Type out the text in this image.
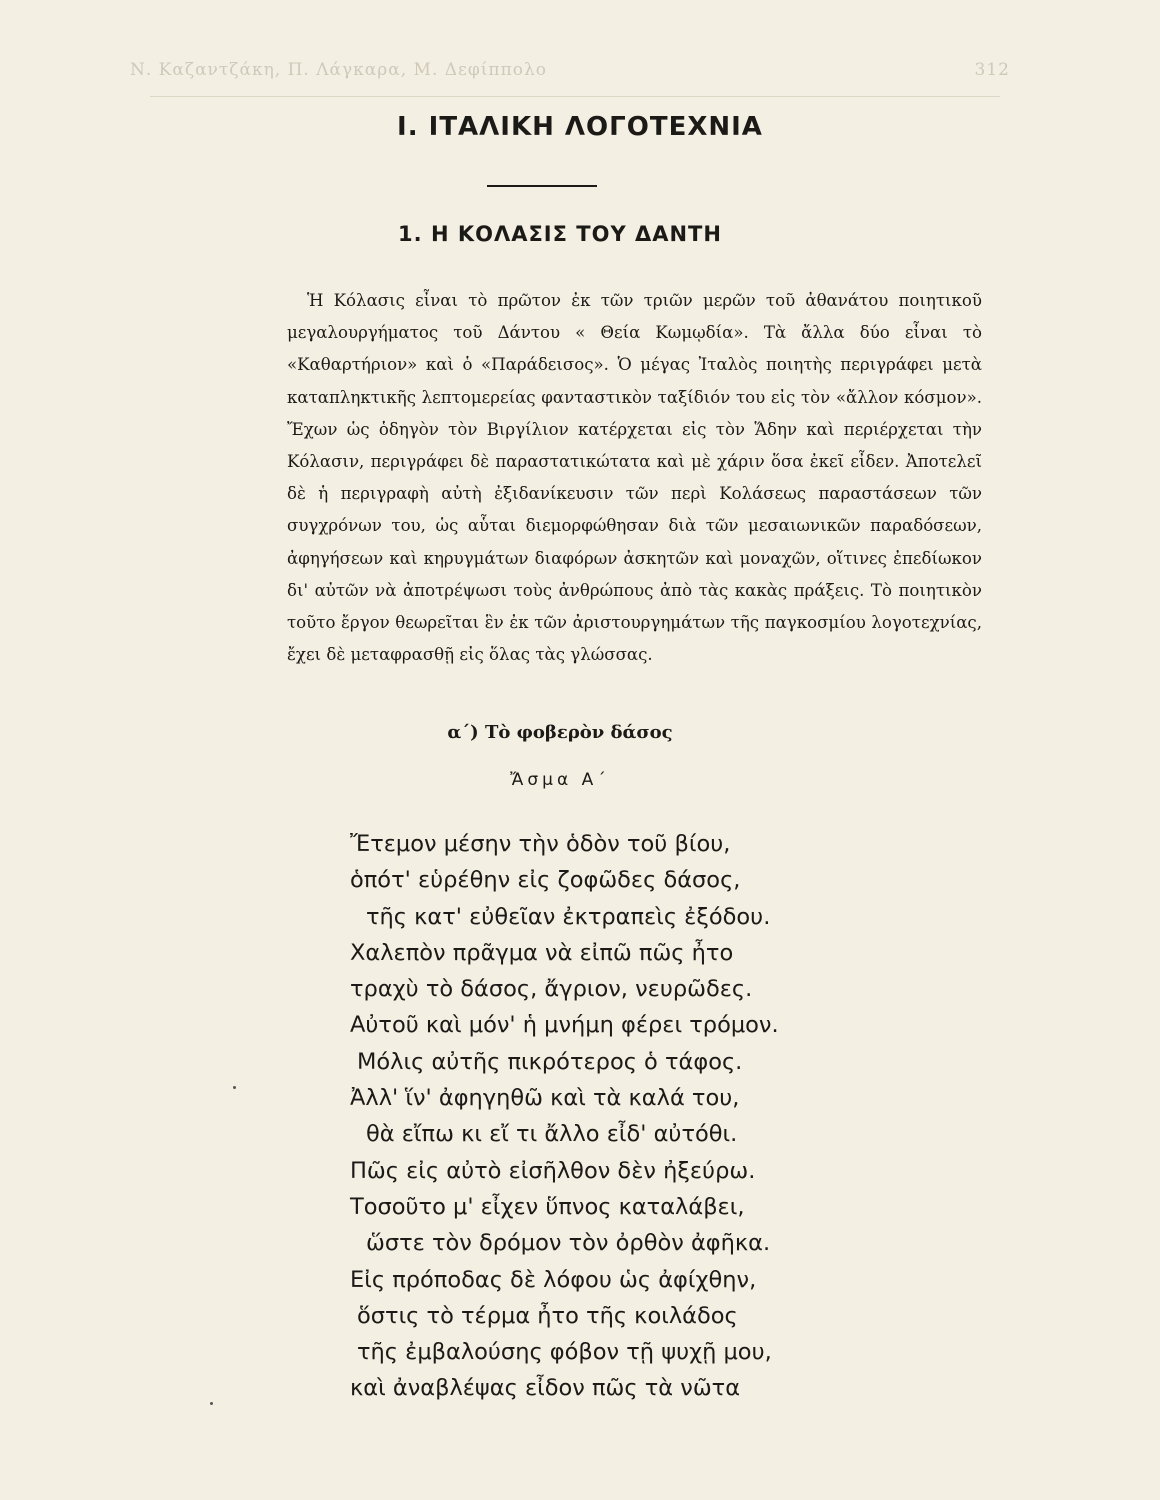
Ν. Καζαντζάκη, Π. Λάγκαρα, Μ. Δεφίππολο	312
Ι. ΙΤΑΛΙΚΗ ΛΟΓΟΤΕΧΝΙΑ
1. Η ΚΟΛΑΣΙΣ ΤΟΥ ΔΑΝΤΗ

Ἡ Κόλασις εἶναι τὸ πρῶτον ἐκ τῶν τριῶν μερῶν τοῦ ἀθανάτου ποιητικοῦ μεγαλουργήματος τοῦ Δάντου « Θεία Κωμῳδία». Τὰ ἄλλα δύο εἶναι τὸ «Καθαρτήριον» καὶ ὁ «Παράδεισος». Ὁ μέγας Ἰταλὸς ποιητὴς περιγράφει μετὰ καταπληκτικῆς λεπτομερείας φανταστικὸν ταξίδιόν του εἰς τὸν «ἄλλον κόσμον». Ἔχων ὡς ὁδηγὸν τὸν Βιργίλιον κατέρχεται εἰς τὸν Ἅδην καὶ περιέρχεται τὴν Κόλασιν, περιγράφει δὲ παραστατικώτατα καὶ μὲ χάριν ὅσα ἐκεῖ εἶδεν. Ἀποτελεῖ δὲ ἡ περιγραφὴ αὐτὴ ἐξιδανίκευσιν τῶν περὶ Κολάσεως παραστάσεων τῶν συγχρόνων του, ὡς αὗται διεμορφώθησαν διὰ τῶν μεσαιωνικῶν παραδόσεων, ἀφηγήσεων καὶ κηρυγμάτων διαφόρων ἀσκητῶν καὶ μοναχῶν, οἵτινες ἐπεδίωκον δι' αὐτῶν νὰ ἀποτρέψωσι τοὺς ἀνθρώπους ἀπὸ τὰς κακὰς πράξεις. Τὸ ποιητικὸν τοῦτο ἔργον θεωρεῖται ἓν ἐκ τῶν ἀριστουργημάτων τῆς παγκοσμίου λογοτεχνίας, ἔχει δὲ μεταφρασθῇ εἰς ὅλας τὰς γλώσσας.

α΄) Τὸ φοβερὸν δάσος
Ἄσμα Α΄
Ἔτεμον μέσην τὴν ὁδὸν τοῦ βίου,
ὁπότ' εὑρέθην εἰς ζοφῶδες δάσος,
τῆς κατ' εὐθεῖαν ἐκτραπεὶς ἐξόδου.
Χαλεπὸν πρᾶγμα νὰ εἰπῶ πῶς ἦτο
τραχὺ τὸ δάσος, ἄγριον, νευρῶδες.
Αὐτοῦ καὶ μόν' ἡ μνήμη φέρει τρόμον.
Μόλις αὐτῆς πικρότερος ὁ τάφος.
Ἀλλ' ἵν' ἀφηγηθῶ καὶ τὰ καλά του,
θὰ εἴπω κι εἴ τι ἄλλο εἶδ' αὐτόθι.
Πῶς εἰς αὐτὸ εἰσῆλθον δὲν ἠξεύρω.
Τοσοῦτο μ' εἶχεν ὕπνος καταλάβει,
ὥστε τὸν δρόμον τὸν ὀρθὸν ἀφῆκα.
Εἰς πρόποδας δὲ λόφου ὡς ἀφίχθην,
ὅστις τὸ τέρμα ἦτο τῆς κοιλάδος
τῆς ἐμβαλούσης φόβον τῇ ψυχῇ μου,
καὶ ἀναβλέψας εἶδον πῶς τὰ νῶτα
